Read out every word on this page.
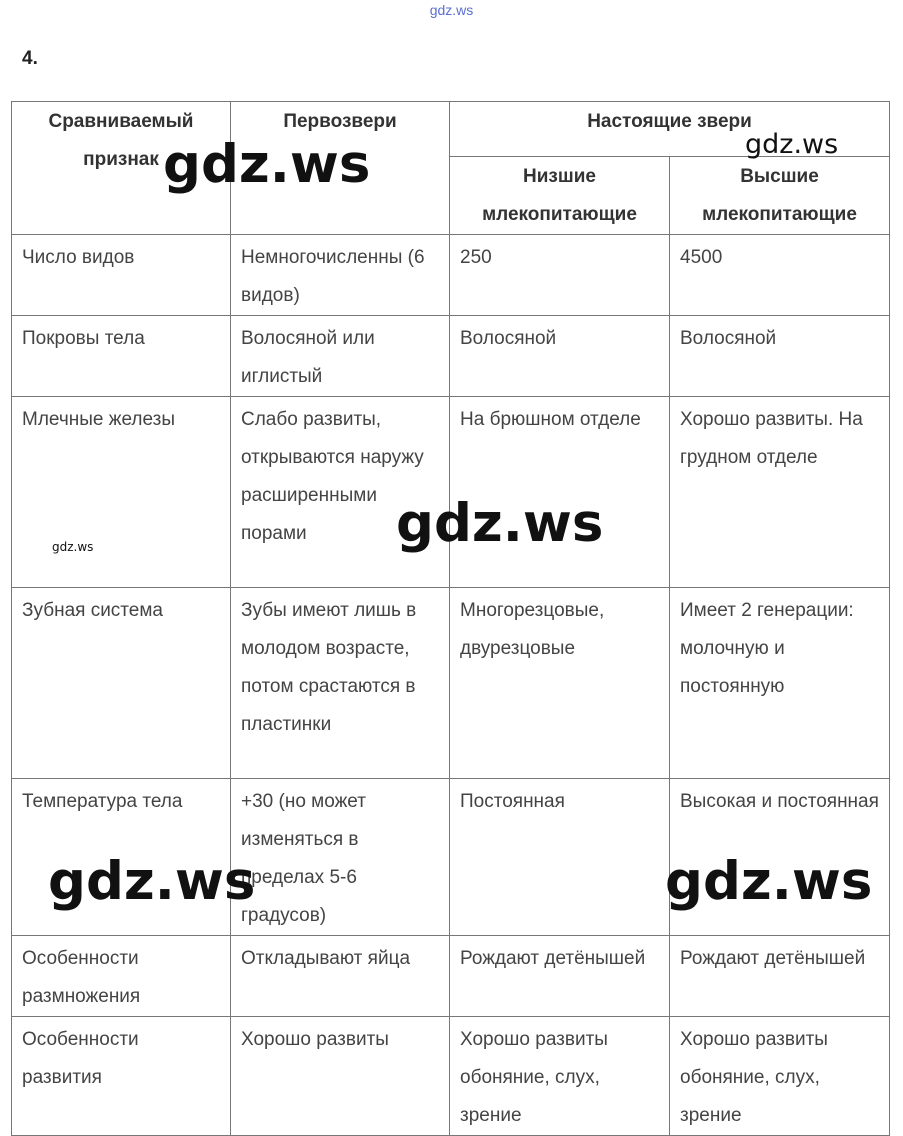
gdz.ws
4.
Сравниваемый признак	Первозвери	Настоящие звери	
		Низшие млекопитающие	Высшие млекопитающие
Число видов	Немногочисленны (6 видов)	250	4500
Покровы тела	Волосяной или иглистый	Волосяной	Волосяной
Млечные железы	Слабо развиты, открываются наружу расширенными порами	На брюшном отделе	Хорошо развиты. На грудном отделе
Зубная система	Зубы имеют лишь в молодом возрасте, потом срастаются в пластинки	Многорезцовые, двурезцовые	Имеет 2 генерации: молочную и постоянную
Температура тела	+30 (но может изменяться в пределах 5-6 градусов)	Постоянная	Высокая и постоянная
Особенности размножения	Откладывают яйца	Рождают детёнышей	Рождают детёнышей
Особенности развития	Хорошо развиты	Хорошо развиты обоняние, слух, зрение	Хорошо развиты обоняние, слух, зрение
gdz.ws	gdz.ws
gdz.ws
gdz.ws
gdz.ws	gdz.ws
